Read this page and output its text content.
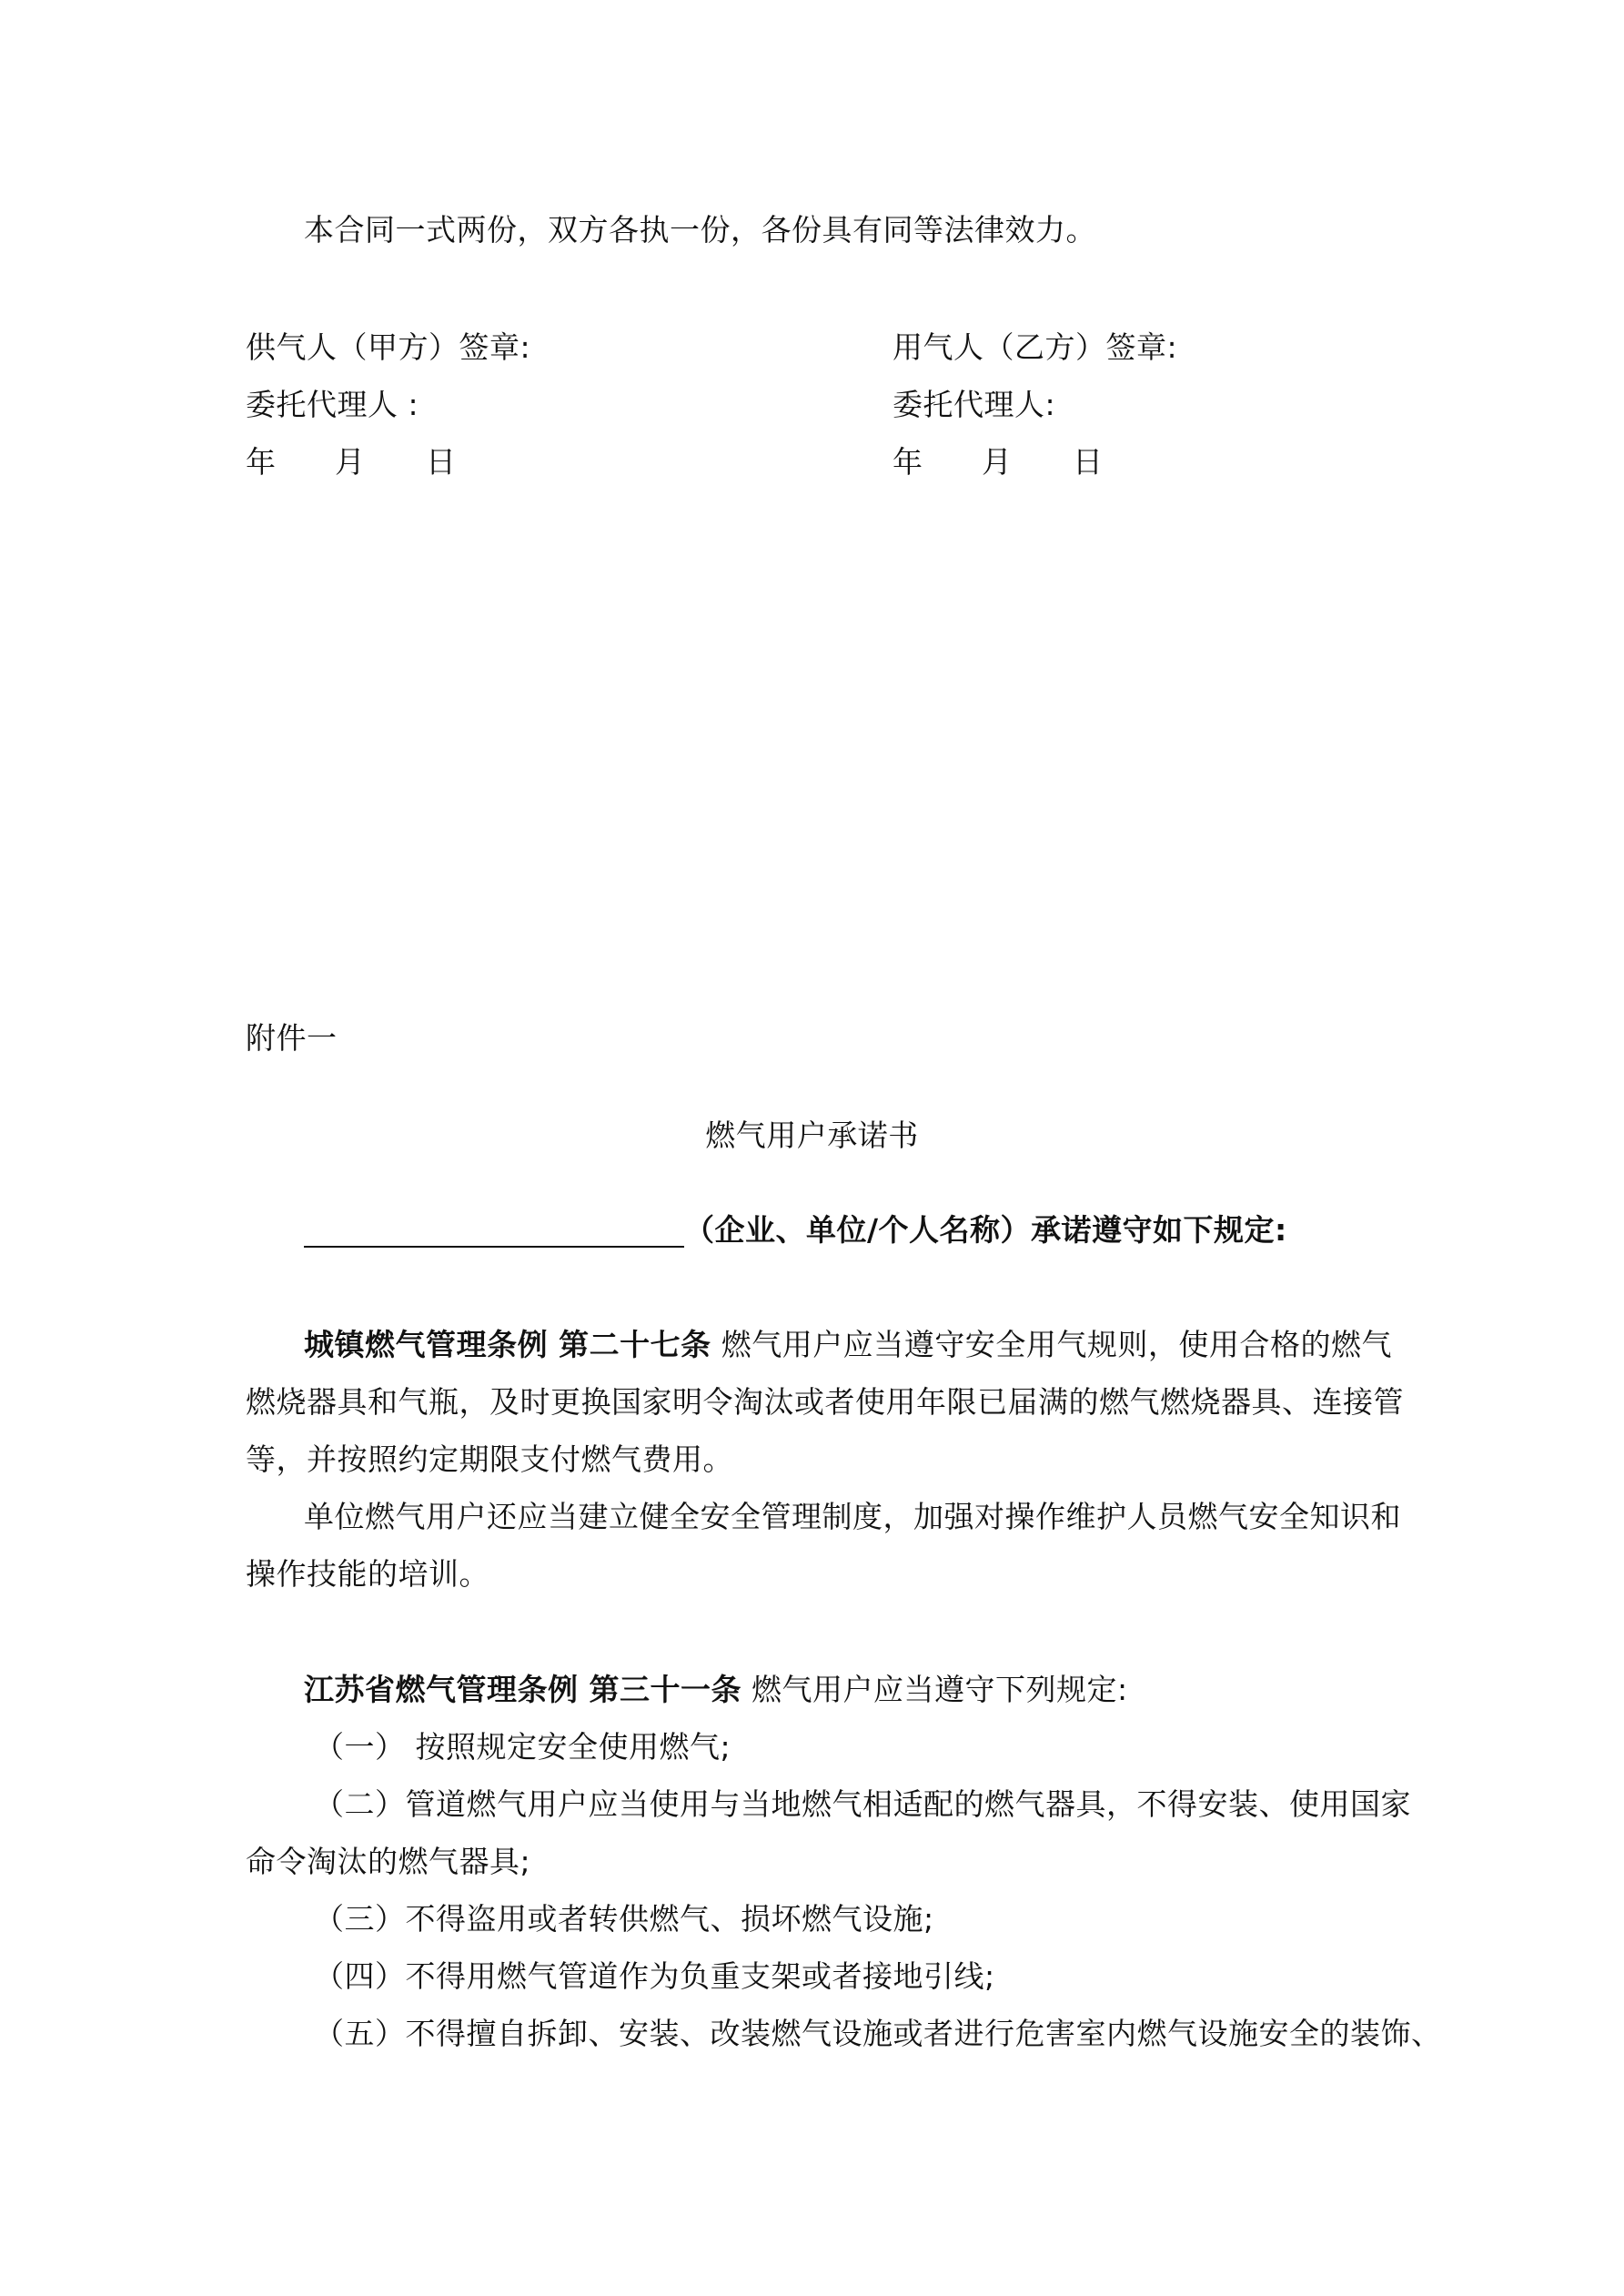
本合同一式两份，双方各执一份，各份具有同等法律效力。
供气人（甲方）签章:
委托代理人 :
年 月 日
用气人（乙方）签章:
委托代理人:
年 月 日
附件一
燃气用户承诺书
（企业、单位/个人名称）承诺遵守如下规定:
城镇燃气管理条例 第二十七条 燃气用户应当遵守安全用气规则，使用合格的燃气
燃烧器具和气瓶，及时更换国家明令淘汰或者使用年限已届满的燃气燃烧器具、连接管
等，并按照约定期限支付燃气费用。
单位燃气用户还应当建立健全安全管理制度，加强对操作维护人员燃气安全知识和
操作技能的培训。
江苏省燃气管理条例 第三十一条 燃气用户应当遵守下列规定:
（一） 按照规定安全使用燃气;
（二）管道燃气用户应当使用与当地燃气相适配的燃气器具，不得安装、使用国家
命令淘汰的燃气器具;
（三）不得盗用或者转供燃气、损坏燃气设施;
（四）不得用燃气管道作为负重支架或者接地引线;
（五）不得擅自拆卸、安装、改装燃气设施或者进行危害室内燃气设施安全的装饰、
